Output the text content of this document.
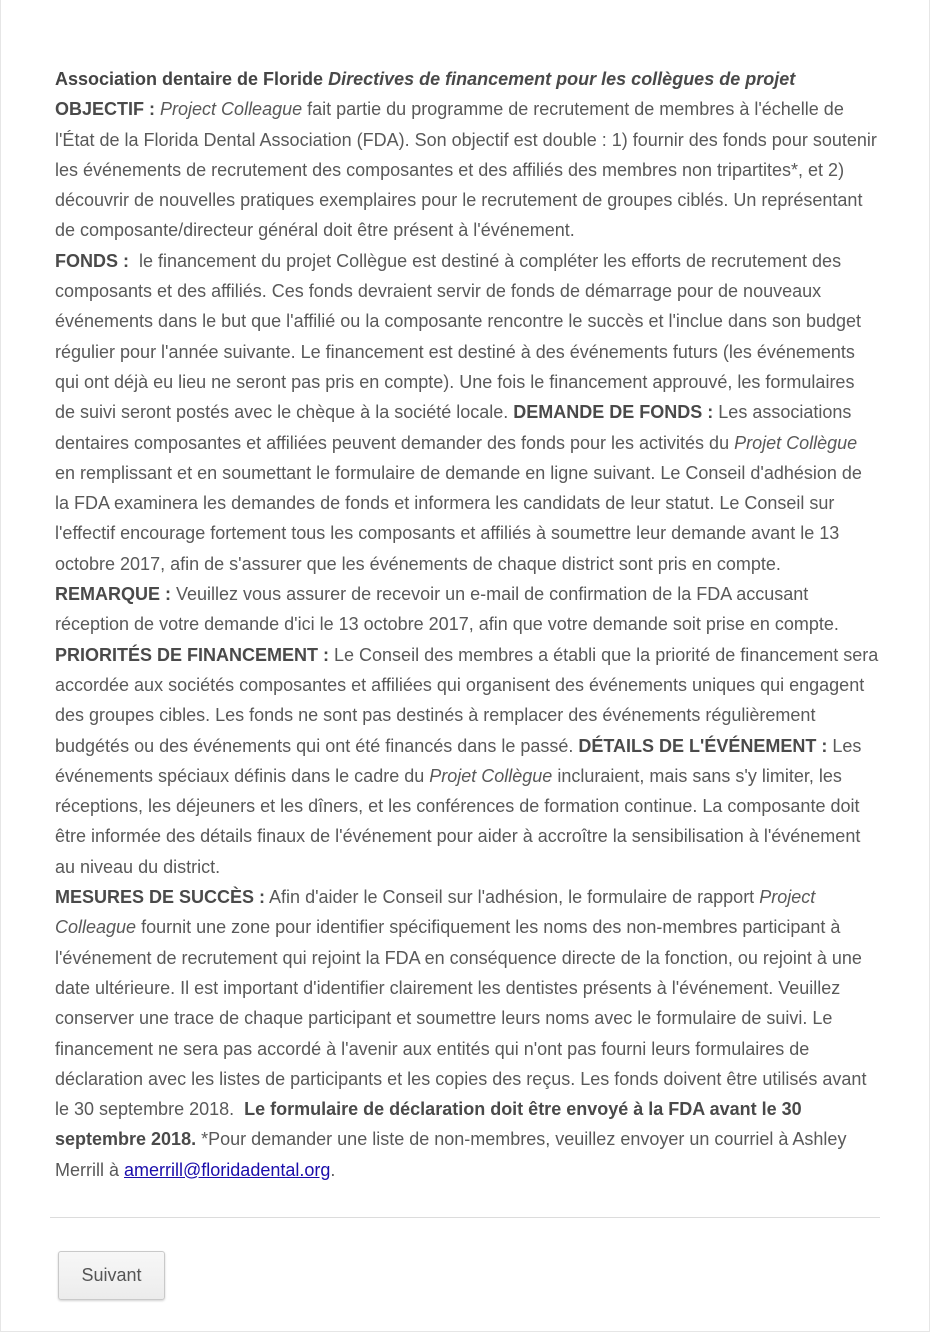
Association dentaire de Floride Directives de financement pour les collègues de projet
OBJECTIF : Project Colleague fait partie du programme de recrutement de membres à l'échelle de l'État de la Florida Dental Association (FDA). Son objectif est double : 1) fournir des fonds pour soutenir les événements de recrutement des composantes et des affiliés des membres non tripartites*, et 2) découvrir de nouvelles pratiques exemplaires pour le recrutement de groupes ciblés. Un représentant de composante/directeur général doit être présent à l'événement.
FONDS :  le financement du projet Collègue est destiné à compléter les efforts de recrutement des composants et des affiliés. Ces fonds devraient servir de fonds de démarrage pour de nouveaux événements dans le but que l'affilié ou la composante rencontre le succès et l'inclue dans son budget régulier pour l'année suivante. Le financement est destiné à des événements futurs (les événements qui ont déjà eu lieu ne seront pas pris en compte). Une fois le financement approuvé, les formulaires de suivi seront postés avec le chèque à la société locale. DEMANDE DE FONDS : Les associations dentaires composantes et affiliées peuvent demander des fonds pour les activités du Projet Collègue en remplissant et en soumettant le formulaire de demande en ligne suivant. Le Conseil d'adhésion de la FDA examinera les demandes de fonds et informera les candidats de leur statut. Le Conseil sur l'effectif encourage fortement tous les composants et affiliés à soumettre leur demande avant le 13 octobre 2017, afin de s'assurer que les événements de chaque district sont pris en compte. REMARQUE : Veuillez vous assurer de recevoir un e-mail de confirmation de la FDA accusant réception de votre demande d'ici le 13 octobre 2017, afin que votre demande soit prise en compte. PRIORITÉS DE FINANCEMENT : Le Conseil des membres a établi que la priorité de financement sera accordée aux sociétés composantes et affiliées qui organisent des événements uniques qui engagent des groupes cibles. Les fonds ne sont pas destinés à remplacer des événements régulièrement budgétés ou des événements qui ont été financés dans le passé. DÉTAILS DE L'ÉVÉNEMENT : Les événements spéciaux définis dans le cadre du Projet Collègue incluraient, mais sans s'y limiter, les réceptions, les déjeuners et les dîners, et les conférences de formation continue. La composante doit être informée des détails finaux de l'événement pour aider à accroître la sensibilisation à l'événement au niveau du district.
MESURES DE SUCCÈS : Afin d'aider le Conseil sur l'adhésion, le formulaire de rapport Project Colleague fournit une zone pour identifier spécifiquement les noms des non-membres participant à l'événement de recrutement qui rejoint la FDA en conséquence directe de la fonction, ou rejoint à une date ultérieure. Il est important d'identifier clairement les dentistes présents à l'événement. Veuillez conserver une trace de chaque participant et soumettre leurs noms avec le formulaire de suivi. Le financement ne sera pas accordé à l'avenir aux entités qui n'ont pas fourni leurs formulaires de déclaration avec les listes de participants et les copies des reçus. Les fonds doivent être utilisés avant le 30 septembre 2018.  Le formulaire de déclaration doit être envoyé à la FDA avant le 30 septembre 2018. *Pour demander une liste de non-membres, veuillez envoyer un courriel à Ashley Merrill à amerrill@floridadental.org.
Suivant
